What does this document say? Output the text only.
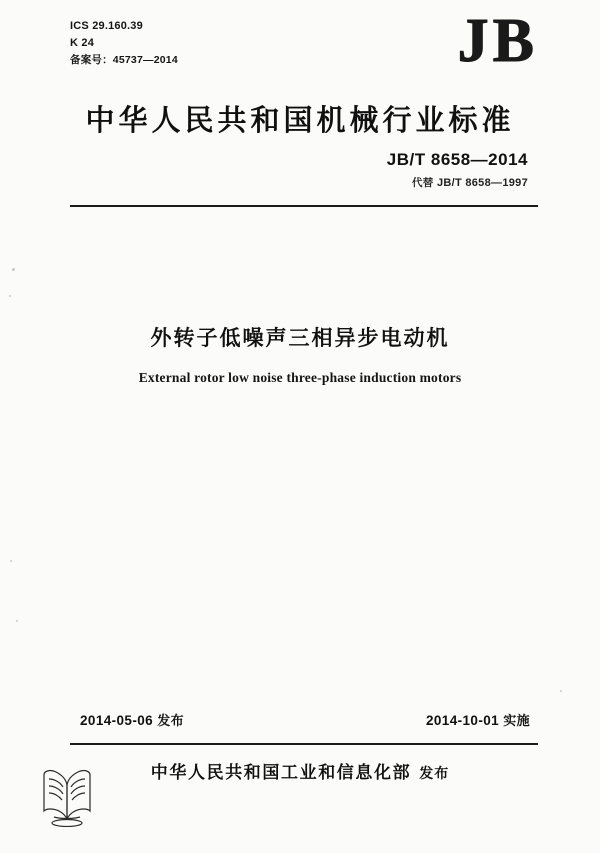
ICS 29.160.39
K 24
备案号：45737—2014	JB
中华人民共和国机械行业标准
JB/T 8658—2014
代替 JB/T 8658—1997
外转子低噪声三相异步电动机
External rotor low noise three-phase induction motors
2014-05-06 发布	2014-10-01 实施
中华人民共和国工业和信息化部 发布
